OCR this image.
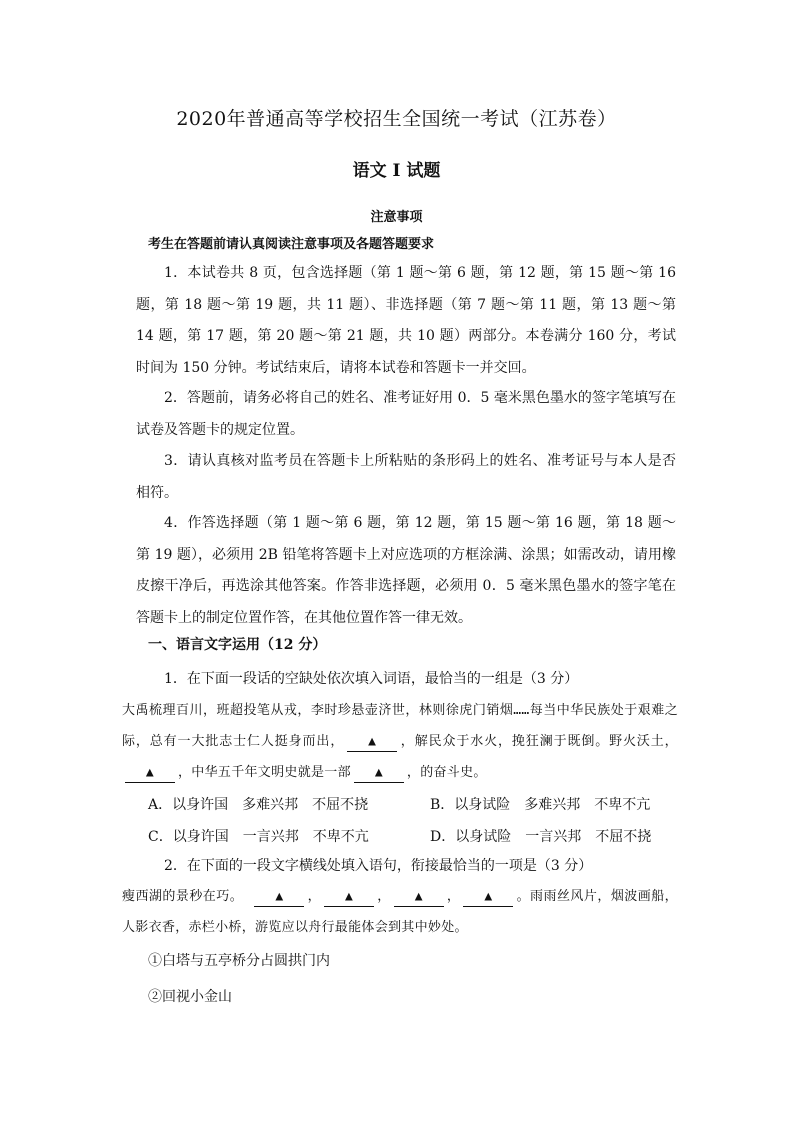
2020年普通高等学校招生全国统一考试（江苏卷）
语文 I 试题
注意事项
考生在答题前请认真阅读注意事项及各题答题要求
1．本试卷共 8 页，包含选择题（第 1 题～第 6 题，第 12 题，第 15 题～第 16 题，第 18 题～第 19 题，共 11 题）、非选择题（第 7 题～第 11 题，第 13 题～第 14 题，第 17 题，第 20 题～第 21 题，共 10 题）两部分。本卷满分 160 分，考试时间为 150 分钟。考试结束后，请将本试卷和答题卡一并交回。
2．答题前，请务必将自己的姓名、准考证好用 0．5 毫米黑色墨水的签字笔填写在试卷及答题卡的规定位置。
3．请认真核对监考员在答题卡上所粘贴的条形码上的姓名、准考证号与本人是否相符。
4．作答选择题（第 1 题～第 6 题，第 12 题，第 15 题～第 16 题，第 18 题～第 19 题），必须用 2B 铅笔将答题卡上对应选项的方框涂满、涂黑；如需改动，请用橡皮擦干净后，再选涂其他答案。作答非选择题，必须用 0．5 毫米黑色墨水的签字笔在答题卡上的制定位置作答，在其他位置作答一律无效。
一、语言文字运用（12 分）
1．在下面一段话的空缺处依次填入词语，最恰当的一组是（3 分）
大禹梳理百川，班超投笔从戎，李时珍悬壶济世，林则徐虎门销烟……每当中华民族处于艰难之际，总有一大批志士仁人挺身而出， ▲ ，解民众于水火，挽狂澜于既倒。野火沃土，▲ ，中华五千年文明史就是一部 ▲ ，的奋斗史。
A．以身许国　多难兴邦　不屈不挠	B．以身试险　多难兴邦　不卑不亢
C．以身许国　一言兴邦　不卑不亢	D．以身试险　一言兴邦　不屈不挠
2．在下面的一段文字横线处填入语句，衔接最恰当的一项是（3 分）
瘦西湖的景秒在巧。 ▲ ， ▲ ， ▲ ， ▲ 。雨雨丝风片，烟波画船，人影衣香，赤栏小桥，游览应以舟行最能体会到其中妙处。
①白塔与五亭桥分占圆拱门内
②回视小金山
